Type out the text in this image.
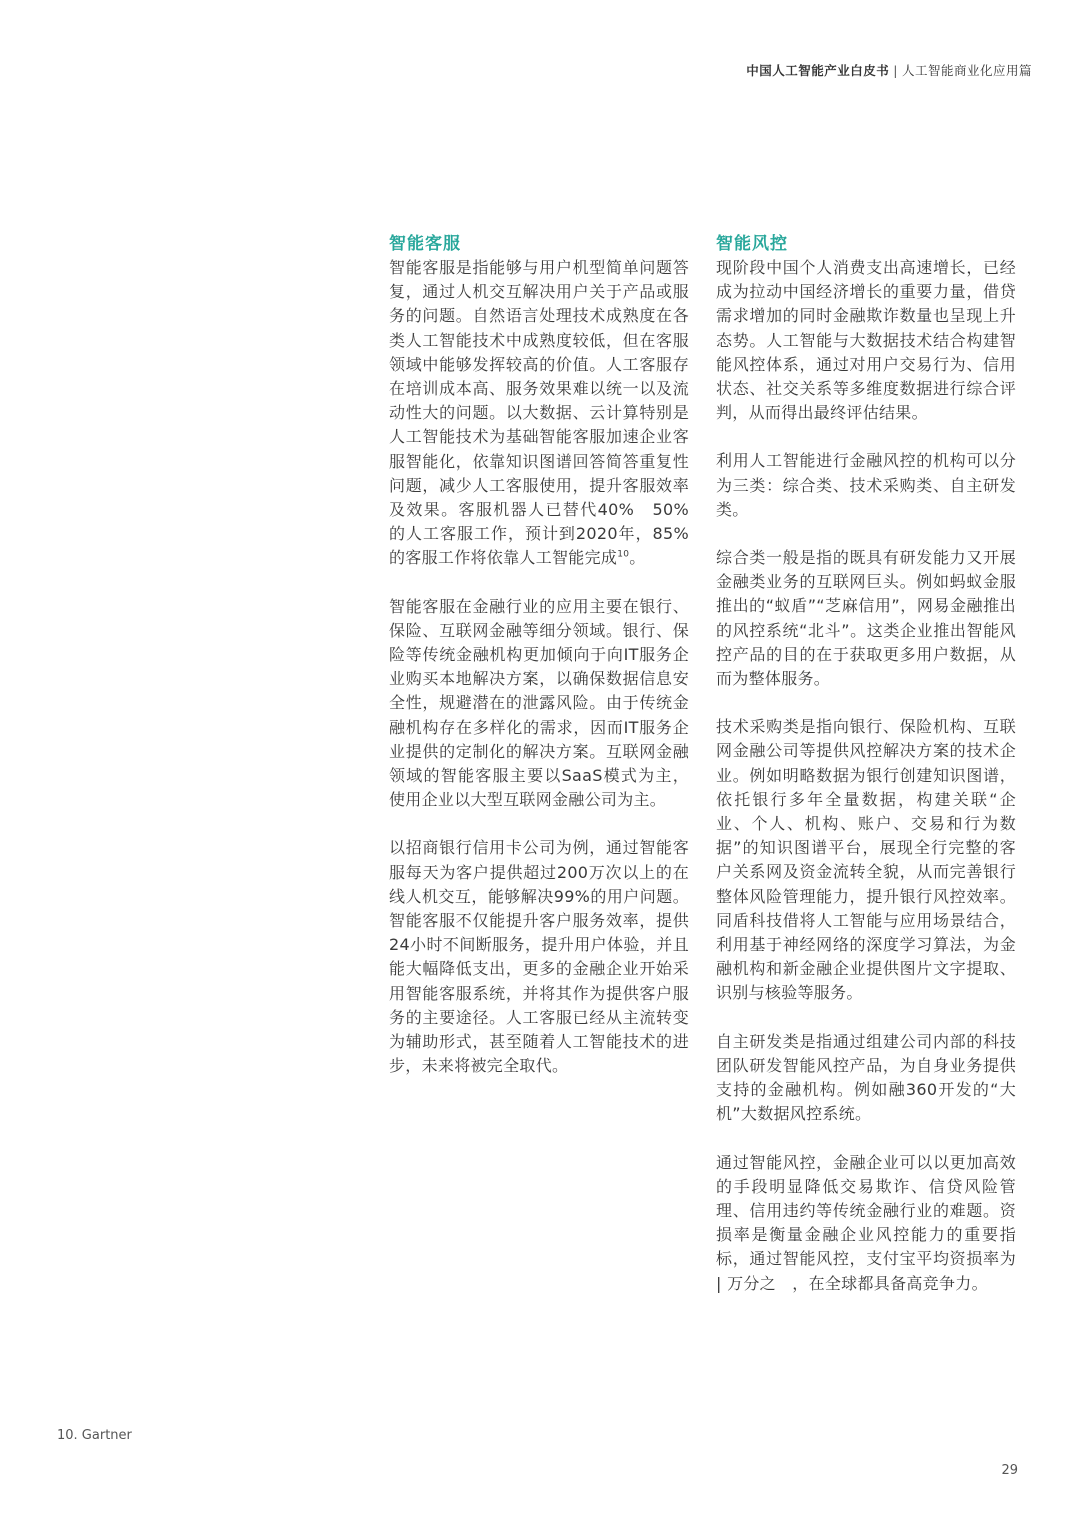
中国人工智能产业白皮书 | 人工智能商业化应用篇
智能客服

智能客服是指能够与用户机型简单问题答复，通过人机交互解决用户关于产品或服务的问题。自然语言处理技术成熟度在各类人工智能技术中成熟度较低，但在客服领域中能够发挥较高的价值。人工客服存在培训成本高、服务效果难以统一以及流动性大的问题。以大数据、云计算特别是人工智能技术为基础智能客服加速企业客服智能化，依靠知识图谱回答简答重复性问题，减少人工客服使用，提升客服效率及效果。客服机器人已替代40%　50%的人工客服工作，预计到2020年，85%的客服工作将依靠人工智能完成$^{10}$。

智能客服在金融行业的应用主要在银行、保险、互联网金融等细分领域。银行、保险等传统金融机构更加倾向于向IT服务企业购买本地解决方案，以确保数据信息安全性，规避潜在的泄露风险。由于传统金融机构存在多样化的需求，因而IT服务企业提供的定制化的解决方案。互联网金融领域的智能客服主要以SaaS模式为主，使用企业以大型互联网金融公司为主。

以招商银行信用卡公司为例，通过智能客服每天为客户提供超过200万次以上的在线人机交互，能够解决99%的用户问题。智能客服不仅能提升客户服务效率，提供24小时不间断服务，提升用户体验，并且能大幅降低支出，更多的金融企业开始采用智能客服系统，并将其作为提供客户服务的主要途径。人工客服已经从主流转变为辅助形式，甚至随着人工智能技术的进步，未来将被完全取代。

智能风控

现阶段中国个人消费支出高速增长，已经成为拉动中国经济增长的重要力量，借贷需求增加的同时金融欺诈数量也呈现上升态势。人工智能与大数据技术结合构建智能风控体系，通过对用户交易行为、信用状态、社交关系等多维度数据进行综合评判，从而得出最终评估结果。

利用人工智能进行金融风控的机构可以分为三类：综合类、技术采购类、自主研发类。

综合类一般是指的既具有研发能力又开展金融类业务的互联网巨头。例如蚂蚁金服推出的“蚁盾”“芝麻信用”，网易金融推出的风控系统“北斗”。这类企业推出智能风控产品的目的在于获取更多用户数据，从而为整体服务。

技术采购类是指向银行、保险机构、互联网金融公司等提供风控解决方案的技术企业。例如明略数据为银行创建知识图谱，依托银行多年全量数据，构建关联“企业、个人、机构、账户、交易和行为数据”的知识图谱平台，展现全行完整的客户关系网及资金流转全貌，从而完善银行整体风险管理能力，提升银行风控效率。同盾科技借将人工智能与应用场景结合，利用基于神经网络的深度学习算法，为金融机构和新金融企业提供图片文字提取、识别与核验等服务。

自主研发类是指通过组建公司内部的科技团队研发智能风控产品，为自身业务提供支持的金融机构。例如融360开发的“大机”大数据风控系统。

通过智能风控，金融企业可以以更加高效的手段明显降低交易欺诈、信贷风险管理、信用违约等传统金融行业的难题。资损率是衡量金融企业风控能力的重要指标，通过智能风控，支付宝平均资损率为 | 万分之　，在全球都具备高竞争力。

10. Gartner
29
